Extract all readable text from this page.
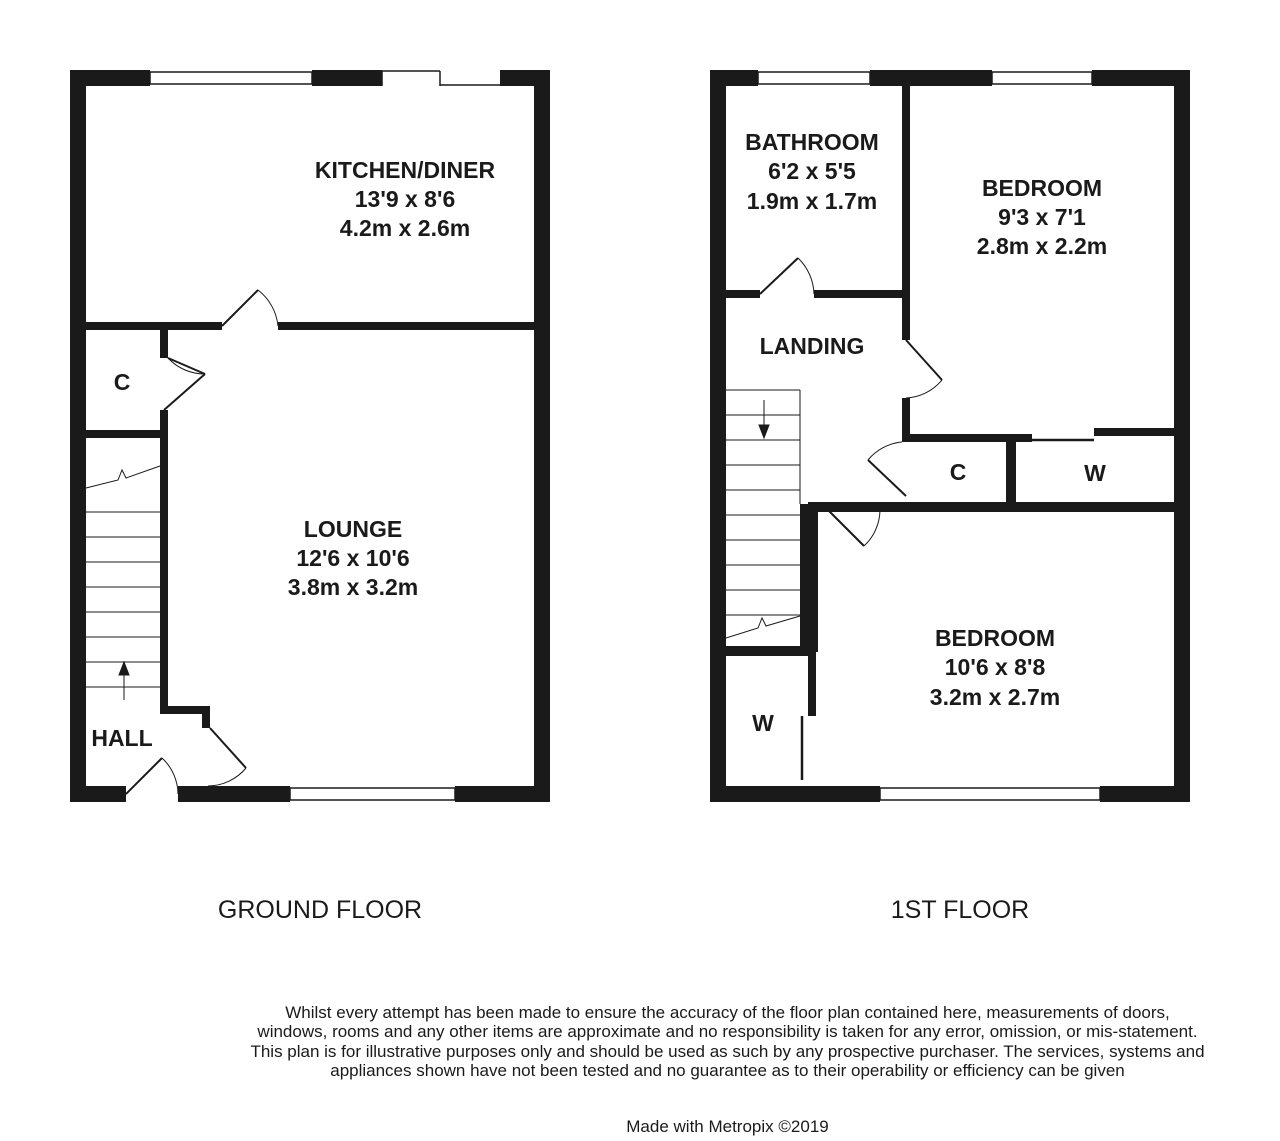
KITCHEN/DINER
13'9 x 8'6
4.2m x 2.6m
C
LOUNGE
12'6 x 10'6
3.8m x 3.2m
HALL
GROUND FLOOR
BATHROOM
6'2 x 5'5
1.9m x 1.7m	BEDROOM
9'3 x 7'1
2.8m x 2.2m
LANDING
C	W
BEDROOM
10'6 x 8'8
3.2m x 2.7m
W
1ST FLOOR
Whilst every attempt has been made to ensure the accuracy of the floor plan contained here, measurements of doors, windows, rooms and any other items are approximate and no responsibility is taken for any error, omission, or mis-statement. This plan is for illustrative purposes only and should be used as such by any prospective purchaser. The services, systems and appliances shown have not been tested and no guarantee as to their operability or efficiency can be given
Made with Metropix ©2019
